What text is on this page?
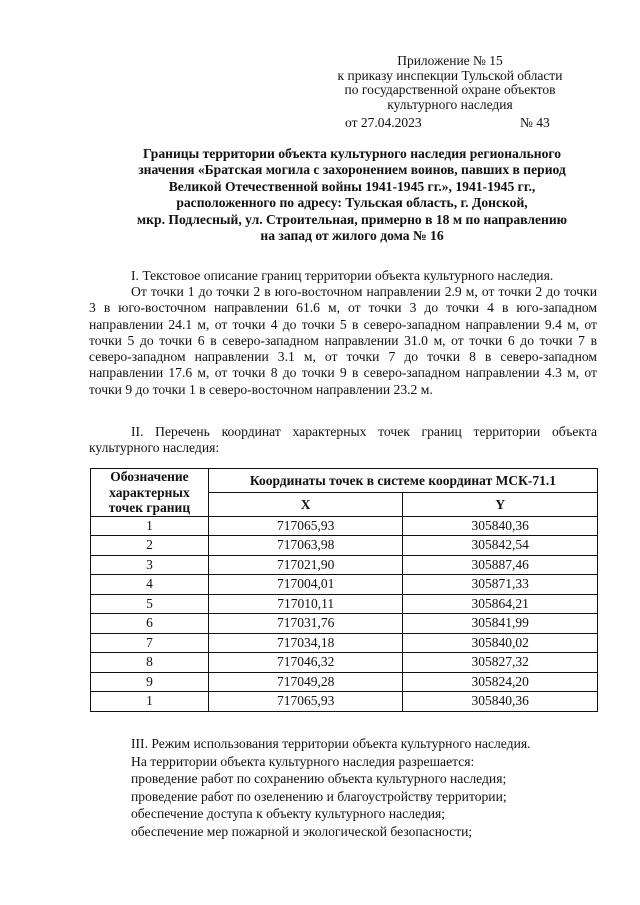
Приложение № 15
к приказу инспекции Тульской области
по государственной охране объектов
культурного наследия
от 27.04.2023	№ 43
Границы территории объекта культурного наследия регионального
значения «Братская могила с захоронением воинов, павших в период
Великой Отечественной войны 1941-1945 гг.», 1941-1945 гг.,
расположенного по адресу: Тульская область, г. Донской,
мкр. Подлесный, ул. Строительная, примерно в 18 м по направлению
на запад от жилого дома № 16
I. Текстовое описание границ территории объекта культурного наследия.
От точки 1 до точки 2 в юго-восточном направлении 2.9 м, от точки 2 до точки 3 в юго-восточном направлении 61.6 м, от точки 3 до точки 4 в юго-западном направлении 24.1 м, от точки 4 до точки 5 в северо-западном направлении 9.4 м, от точки 5 до точки 6 в северо-западном направлении 31.0 м, от точки 6 до точки 7 в северо-западном направлении 3.1 м, от точки 7 до точки 8 в северо-западном направлении 17.6 м, от точки 8 до точки 9 в северо-западном направлении 4.3 м, от точки 9 до точки 1 в северо-восточном направлении 23.2 м.
II. Перечень координат характерных точек границ территории объекта культурного наследия:
Обозначение характерных точек границ	Координаты точек в системе координат МСК-71.1	
	X	Y
1	717065,93	305840,36
2	717063,98	305842,54
3	717021,90	305887,46
4	717004,01	305871,33
5	717010,11	305864,21
6	717031,76	305841,99
7	717034,18	305840,02
8	717046,32	305827,32
9	717049,28	305824,20
1	717065,93	305840,36
III. Режим использования территории объекта культурного наследия.
На территории объекта культурного наследия разрешается:
проведение работ по сохранению объекта культурного наследия;
проведение работ по озеленению и благоустройству территории;
обеспечение доступа к объекту культурного наследия;
обеспечение мер пожарной и экологической безопасности;
